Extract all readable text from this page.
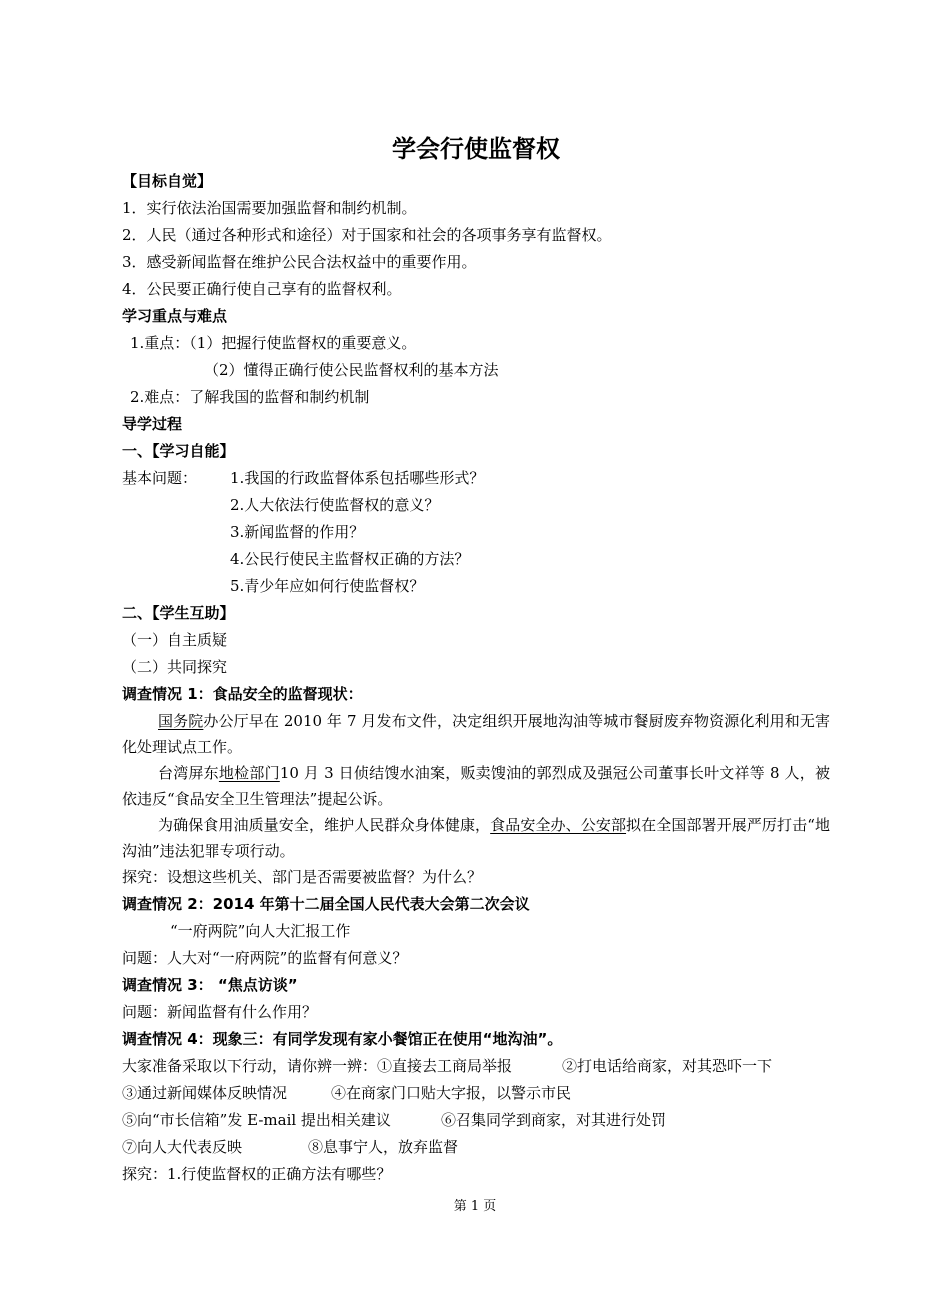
学会行使监督权
【目标自觉】
1．实行依法治国需要加强监督和制约机制。
2．人民（通过各种形式和途径）对于国家和社会的各项事务享有监督权。
3．感受新闻监督在维护公民合法权益中的重要作用。
4．公民要正确行使自己享有的监督权利。
学习重点与难点
1.重点：（1）把握行使监督权的重要意义。
（2）懂得正确行使公民监督权利的基本方法
2.难点：了解我国的监督和制约机制
导学过程
一、【学习自能】
基本问题： 1.我国的行政监督体系包括哪些形式？
2.人大依法行使监督权的意义？
3.新闻监督的作用？
4.公民行使民主监督权正确的方法？
5.青少年应如何行使监督权？
二、【学生互助】
（一）自主质疑
（二）共同探究
调查情况 1：食品安全的监督现状：
国务院办公厅早在 2010 年 7 月发布文件，决定组织开展地沟油等城市餐厨废弃物资源化利用和无害化处理试点工作。
台湾屏东地检部门10 月 3 日侦结馊水油案，贩卖馊油的郭烈成及强冠公司董事长叶文祥等 8 人，被依违反“食品安全卫生管理法”提起公诉。
为确保食用油质量安全，维护人民群众身体健康，食品安全办、公安部拟在全国部署开展严厉打击“地沟油”违法犯罪专项行动。
探究：设想这些机关、部门是否需要被监督？为什么？
调查情况 2：2014 年第十二届全国人民代表大会第二次会议
“一府两院”向人大汇报工作
问题：人大对“一府两院”的监督有何意义？
调查情况 3： “焦点访谈”
问题：新闻监督有什么作用？
调查情况 4：现象三：有同学发现有家小餐馆正在使用“地沟油”。
大家准备采取以下行动，请你辨一辨：①直接去工商局举报	②打电话给商家，对其恐吓一下
③通过新闻媒体反映情况	④在商家门口贴大字报，以警示市民
⑤向“市长信箱”发 E-mail 提出相关建议	⑥召集同学到商家，对其进行处罚
⑦向人大代表反映	⑧息事宁人，放弃监督
探究：1.行使监督权的正确方法有哪些？
第 1 页
